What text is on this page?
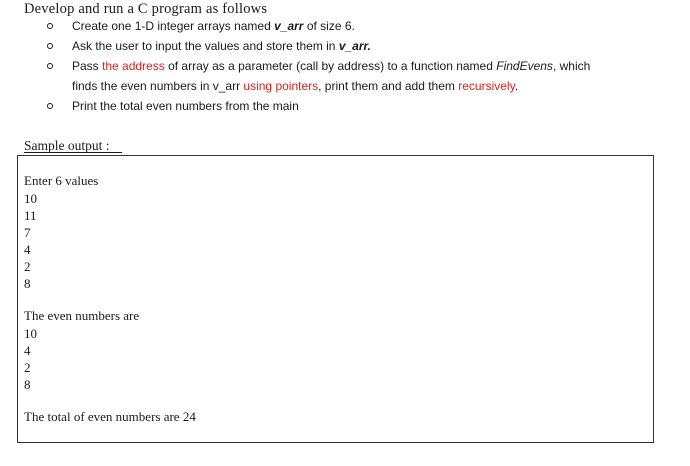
Develop and run a C program as follows
Create one 1-D integer arrays named v_arr of size 6.
Ask the user to input the values and store them in v_arr.
Pass the address of array as a parameter (call by address) to a function named FindEvens, which
finds the even numbers in v_arr using pointers, print them and add them recursively.
Print the total even numbers from the main
Sample output :
Enter 6 values
10
11
7
4
2
8
The even numbers are
10
4
2
8
The total of even numbers are 24
